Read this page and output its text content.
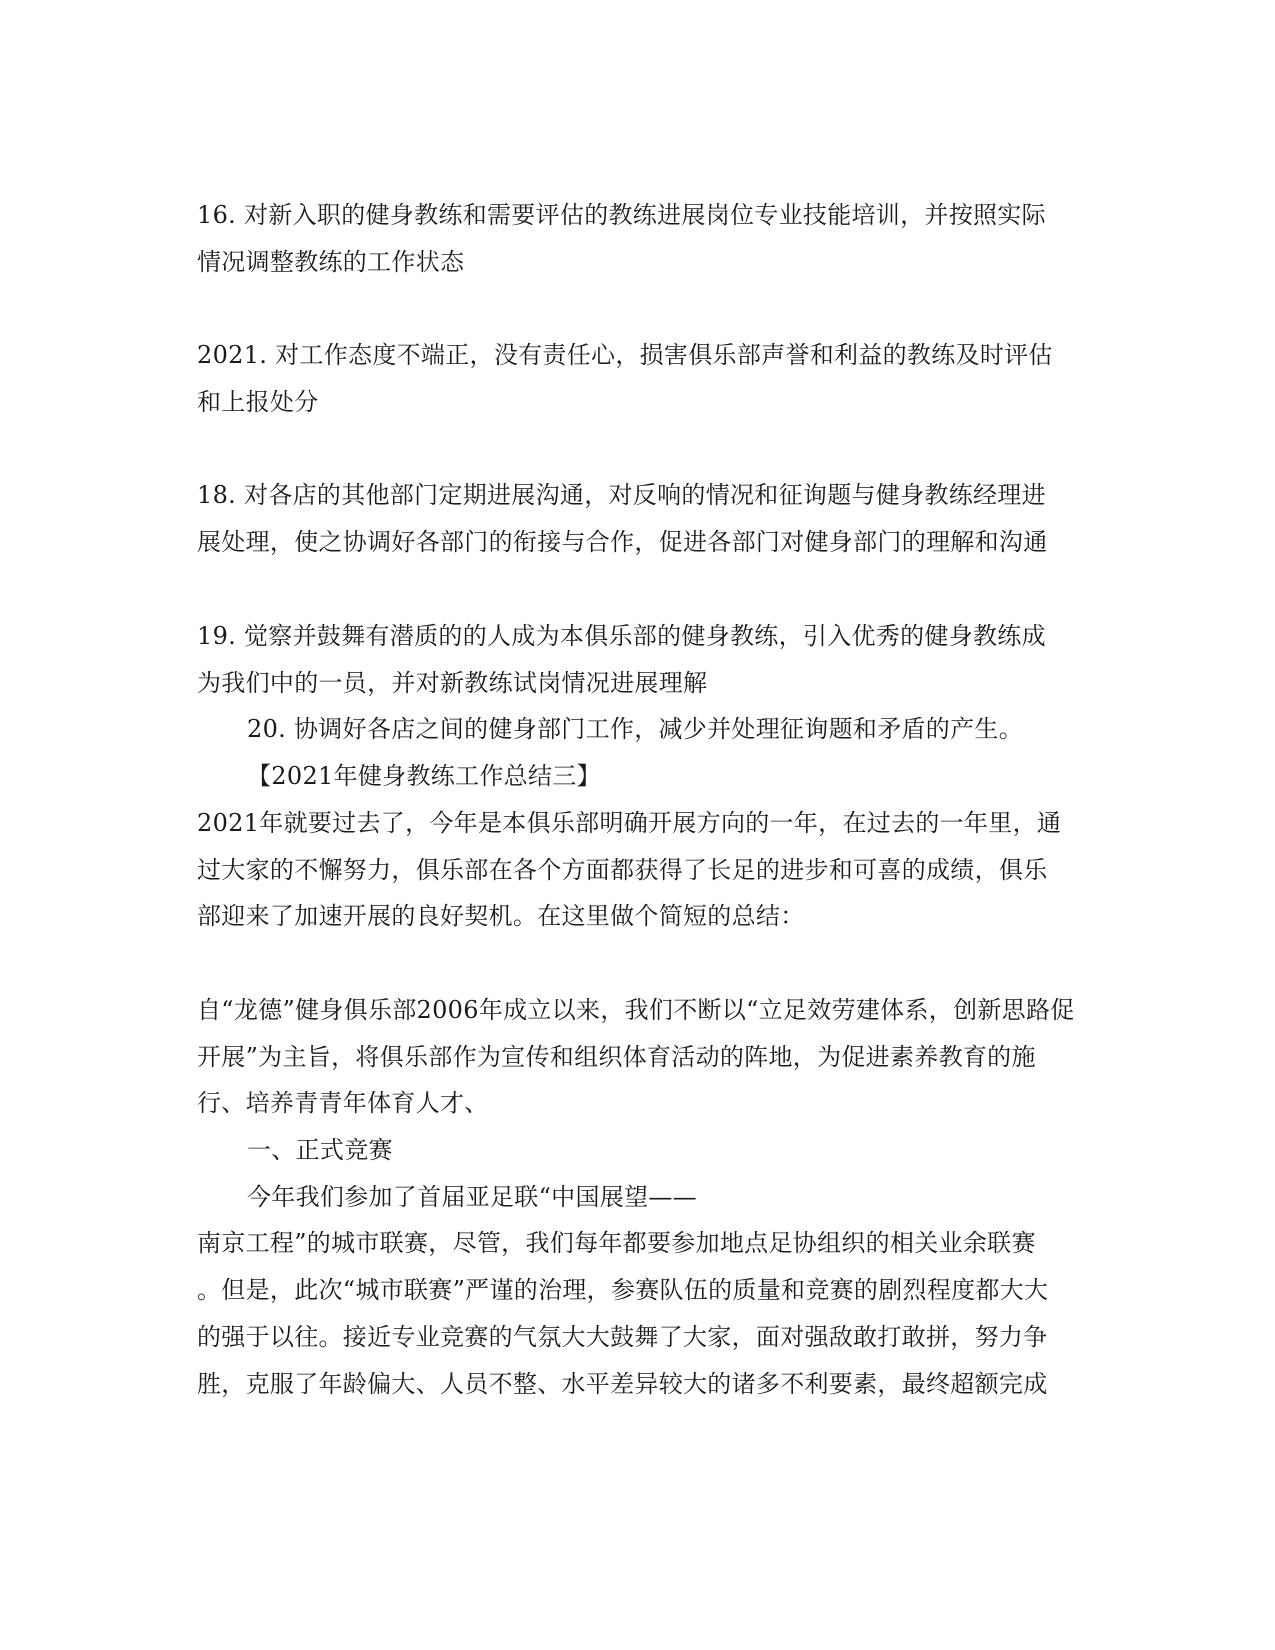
16. 对新入职的健身教练和需要评估的教练进展岗位专业技能培训，并按照实际
情况调整教练的工作状态
2021. 对工作态度不端正，没有责任心，损害俱乐部声誉和利益的教练及时评估
和上报处分
18. 对各店的其他部门定期进展沟通，对反响的情况和征询题与健身教练经理进
展处理，使之协调好各部门的衔接与合作，促进各部门对健身部门的理解和沟通
19. 觉察并鼓舞有潜质的的人成为本俱乐部的健身教练，引入优秀的健身教练成
为我们中的一员，并对新教练试岗情况进展理解
20. 协调好各店之间的健身部门工作，减少并处理征询题和矛盾的产生。
【2021年健身教练工作总结三】
2021年就要过去了，今年是本俱乐部明确开展方向的一年，在过去的一年里，通
过大家的不懈努力，俱乐部在各个方面都获得了长足的进步和可喜的成绩，俱乐
部迎来了加速开展的良好契机。在这里做个简短的总结：
自“龙德”健身俱乐部2006年成立以来，我们不断以“立足效劳建体系，创新思路促
开展”为主旨，将俱乐部作为宣传和组织体育活动的阵地，为促进素养教育的施
行、培养青青年体育人才、
一、正式竞赛
今年我们参加了首届亚足联“中国展望——
南京工程”的城市联赛，尽管，我们每年都要参加地点足协组织的相关业余联赛
。但是，此次“城市联赛”严谨的治理，参赛队伍的质量和竞赛的剧烈程度都大大
的强于以往。接近专业竞赛的气氛大大鼓舞了大家，面对强敌敢打敢拼，努力争
胜，克服了年龄偏大、人员不整、水平差异较大的诸多不利要素，最终超额完成
